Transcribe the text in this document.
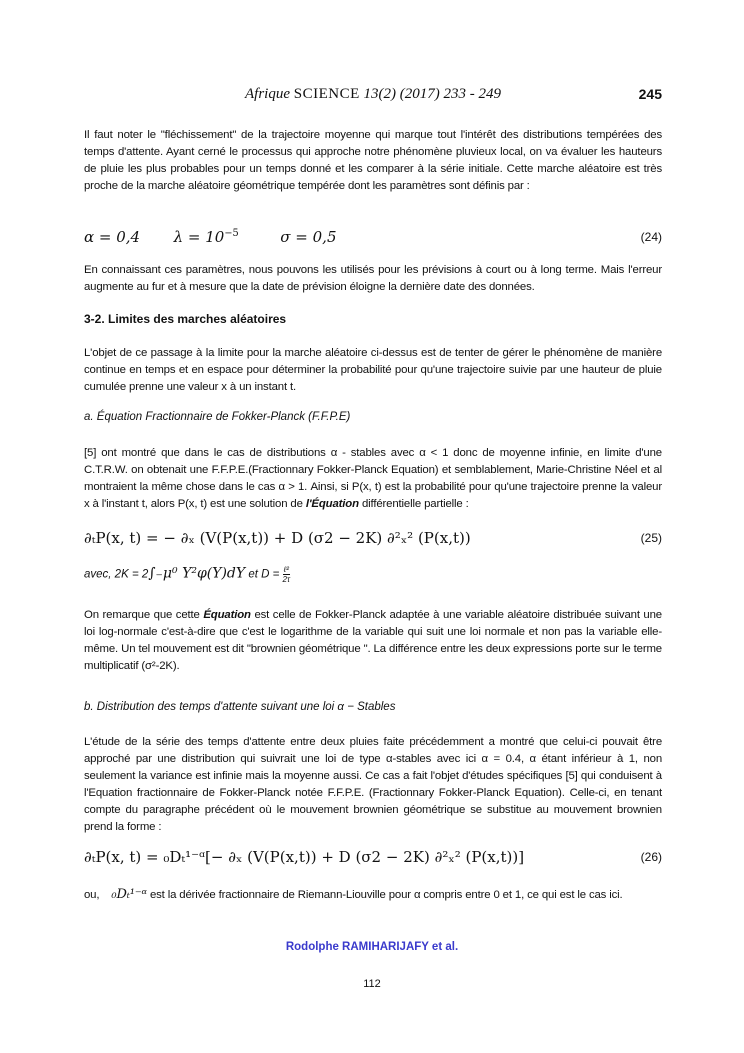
Afrique SCIENCE 13(2) (2017) 233 - 249	245
Il faut noter le "fléchissement" de la trajectoire moyenne qui marque tout l'intérêt des distributions tempérées des temps d'attente. Ayant cerné le processus qui approche notre phénomène pluvieux local, on va évaluer les hauteurs de pluie les plus probables pour un temps donné et les comparer à la série initiale. Cette marche aléatoire est très proche de la marche aléatoire géométrique tempérée dont les paramètres sont définis par :
α = 0,4 $\lambda = 10^{-5}$	σ = 0,5	(24)
En connaissant ces paramètres, nous pouvons les utilisés pour les prévisions à court ou à long terme. Mais l'erreur augmente au fur et à mesure que la date de prévision éloigne la dernière date des données.
3-2. Limites des marches aléatoires
L'objet de ce passage à la limite pour la marche aléatoire ci-dessus est de tenter de gérer le phénomène de manière continue en temps et en espace pour déterminer la probabilité pour qu'une trajectoire suivie par une hauteur de pluie cumulée prenne une valeur x à un instant t.
a. Équation Fractionnaire de Fokker-Planck (F.F.P.E)
[5] ont montré que dans le cas de distributions α - stables avec α < 1 donc de moyenne infinie, en limite d'une C.T.R.W. on obtenait une F.F.P.E.(Fractionnary Fokker-Planck Equation) et semblablement, Marie-Christine Néel et al montraient la même chose dans le cas α > 1. Ainsi, si P(x, t) est la probabilité pour qu'une trajectoire prenne la valeur x à l'instant t, alors P(x, t) est une solution de l'Équation différentielle partielle :
∂ₜP(x, t) = − ∂ₓ (V(P(x,t)) + D (σ2 − 2K) ∂²ₓ² (P(x,t))	(25)
avec, 2K = 2∫₋μ⁰ Y²φ(Y)dY et $D = \frac{\text{ℓ²}}{2\tau}$
On remarque que cette Équation est celle de Fokker-Planck adaptée à une variable aléatoire distribuée suivant une loi log-normale c'est-à-dire que c'est le logarithme de la variable qui suit une loi normale et non pas la variable elle-même. Un tel mouvement est dit "brownien géométrique ". La différence entre les deux expressions porte sur le terme multiplicatif (σ²-2K).
b. Distribution des temps d'attente suivant une loi α − Stables
L'étude de la série des temps d'attente entre deux pluies faite précédemment a montré que celui-ci pouvait être approché par une distribution qui suivrait une loi de type α-stables avec ici α = 0.4, α étant inférieur à 1, non seulement la variance est infinie mais la moyenne aussi. Ce cas a fait l'objet d'études spécifiques [5] qui conduisent à l'Equation fractionnaire de Fokker-Planck notée F.F.P.E. (Fractionnary Fokker-Planck Equation). Celle-ci, en tenant compte du paragraphe précédent où le mouvement brownien géométrique se substitue au mouvement brownien prend la forme :
∂ₜP(x, t) = ₀Dₜ¹⁻ᵅ[− ∂ₓ (V(P(x,t)) + D (σ2 − 2K) ∂²ₓ² (P(x,t))]	(26)
ou, ₀Dₜ¹⁻ᵅ est la dérivée fractionnaire de Riemann-Liouville pour α compris entre 0 et 1, ce qui est le cas ici.
Rodolphe RAMIHARIJAFY et al.
112
